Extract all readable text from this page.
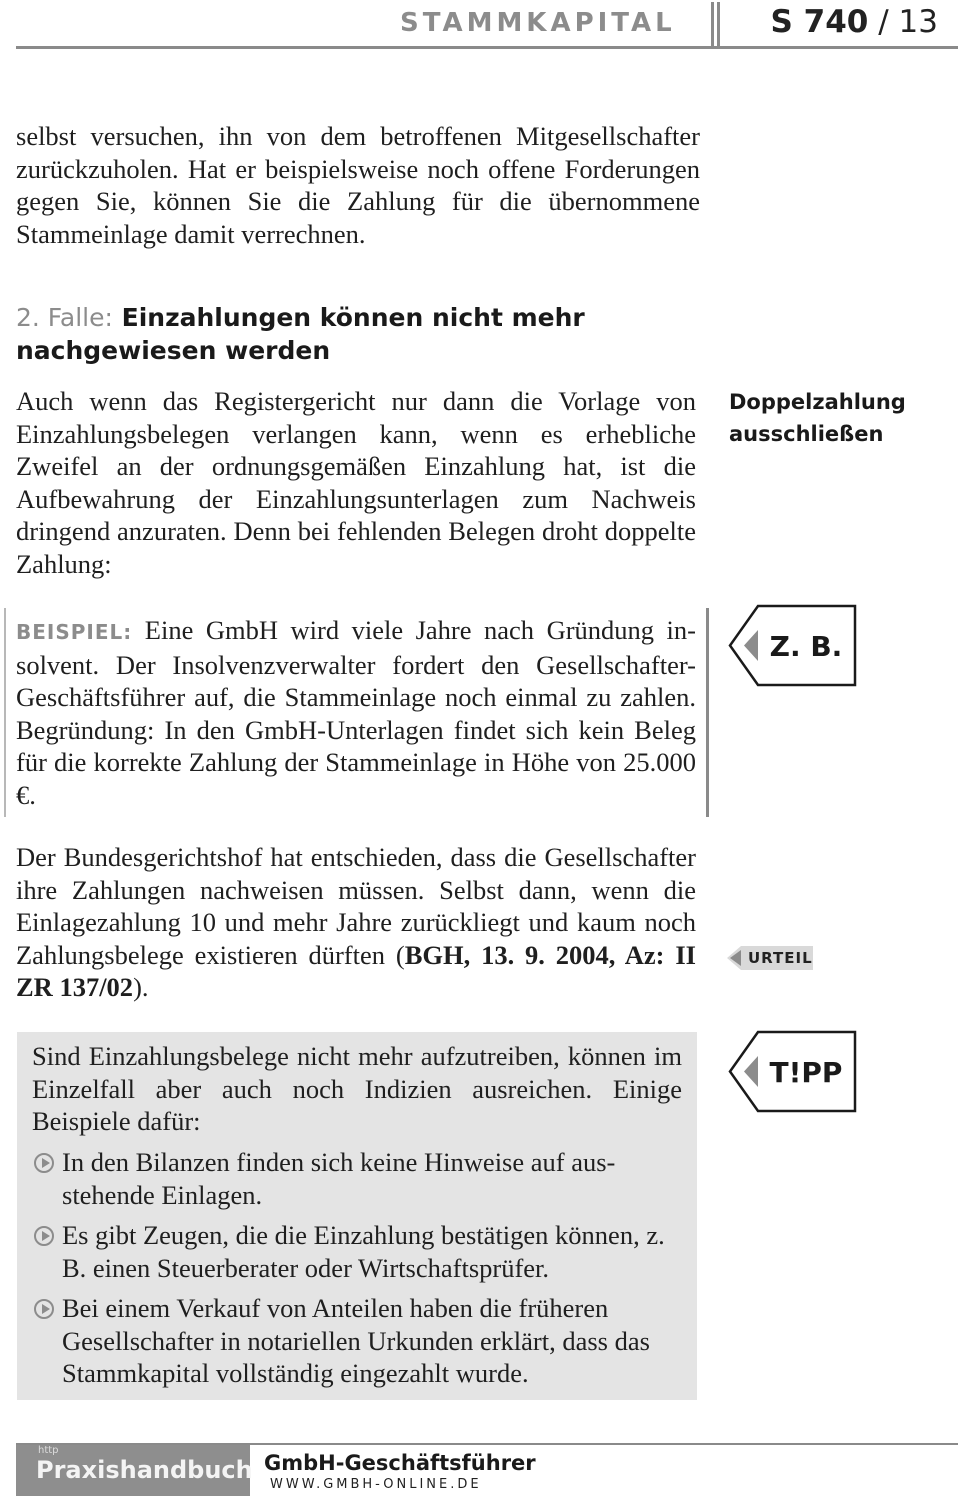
STAMMKAPITAL	S 740 / 13
selbst versuchen, ihn von dem betroffenen Mitgesellschafter zurückzuholen. Hat er beispielsweise noch offene Forderungen gegen Sie, können Sie die Zahlung für die übernommene Stammeinlage damit verrechnen.
2. Falle: Einzahlungen können nicht mehr nachgewiesen werden
Auch wenn das Registergericht nur dann die Vorlage von Einzahlungsbelegen verlangen kann, wenn es erhebliche Zweifel an der ordnungsgemäßen Einzahlung hat, ist die Aufbewahrung der Einzahlungsunterlagen zum Nachweis dringend anzuraten. Denn bei fehlenden Belegen droht doppelte Zahlung:
Doppelzahlung
ausschließen
BEISPIEL: Eine GmbH wird viele Jahre nach Gründung insolvent. Der Insolvenzverwalter fordert den Gesellschafter-Geschäftsführer auf, die Stammeinlage noch einmal zu zahlen. Begründung: In den GmbH-Unterlagen findet sich kein Beleg für die korrekte Zahlung der Stammeinlage in Höhe von 25.000 €.
Z. B.
Der Bundesgerichtshof hat entschieden, dass die Gesellschafter ihre Zahlungen nachweisen müssen. Selbst dann, wenn die Einlagezahlung 10 und mehr Jahre zurückliegt und kaum noch Zahlungsbelege existieren dürften (BGH, 13. 9. 2004, Az: II ZR 137/02).
URTEIL
Sind Einzahlungsbelege nicht mehr aufzutreiben, können im Einzelfall aber auch noch Indizien ausreichen. Einige Beispiele dafür:
In den Bilanzen finden sich keine Hinweise auf ausstehende Einlagen.
Es gibt Zeugen, die die Einzahlung bestätigen können, z. B. einen Steuerberater oder Wirtschaftsprüfer.
Bei einem Verkauf von Anteilen haben die früheren Gesellschafter in notariellen Urkunden erklärt, dass das Stammkapital vollständig eingezahlt wurde.
T!PP
http
Praxishandbuch GmbH-Geschäftsführer
WWW.GMBH-ONLINE.DE
